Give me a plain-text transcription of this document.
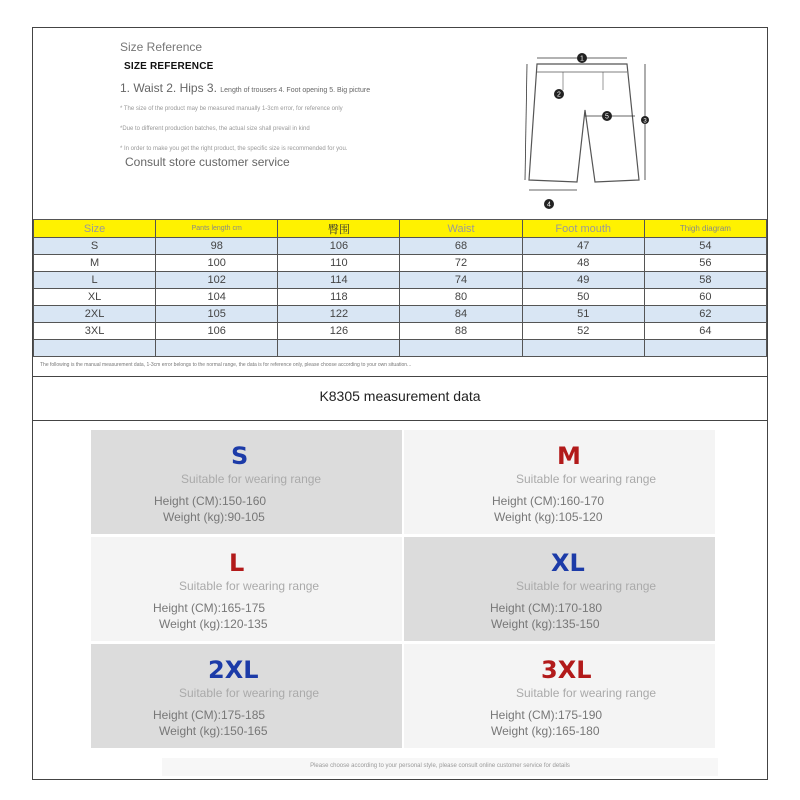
Size Reference
SIZE REFERENCE
1. Waist 2. Hips 3. Length of trousers 4. Foot opening 5. Big picture
* The size of the product may be measured manually 1-3cm error, for reference only
*Due to different production batches, the actual size shall prevail in kind
* In order to make you get the right product, the specific size is recommended for you.
Consult store customer service
1
2
3
4
5
Size	Pants length cm	臀围	Waist	Foot mouth	Thigh diagram
S	98	106	68	47	54
M	100	110	72	48	56
L	102	114	74	49	58
XL	104	118	80	50	60
2XL	105	122	84	51	62
3XL	106	126	88	52	64

The following is the manual measurement data, 1-3cm error belongs to the normal range, the data is for reference only, please choose according to your own situation...
K8305 measurement data
S
Suitable for wearing range
Height (CM):150-160
Weight (kg):90-105
M
Suitable for wearing range
Height (CM):160-170
Weight (kg):105-120
L
Suitable for wearing range
Height (CM):165-175
Weight (kg):120-135
XL
Suitable for wearing range
Height (CM):170-180
Weight (kg):135-150
2XL
Suitable for wearing range
Height (CM):175-185
Weight (kg):150-165
3XL
Suitable for wearing range
Height (CM):175-190
Weight (kg):165-180
Please choose according to your personal style, please consult online customer service for details
